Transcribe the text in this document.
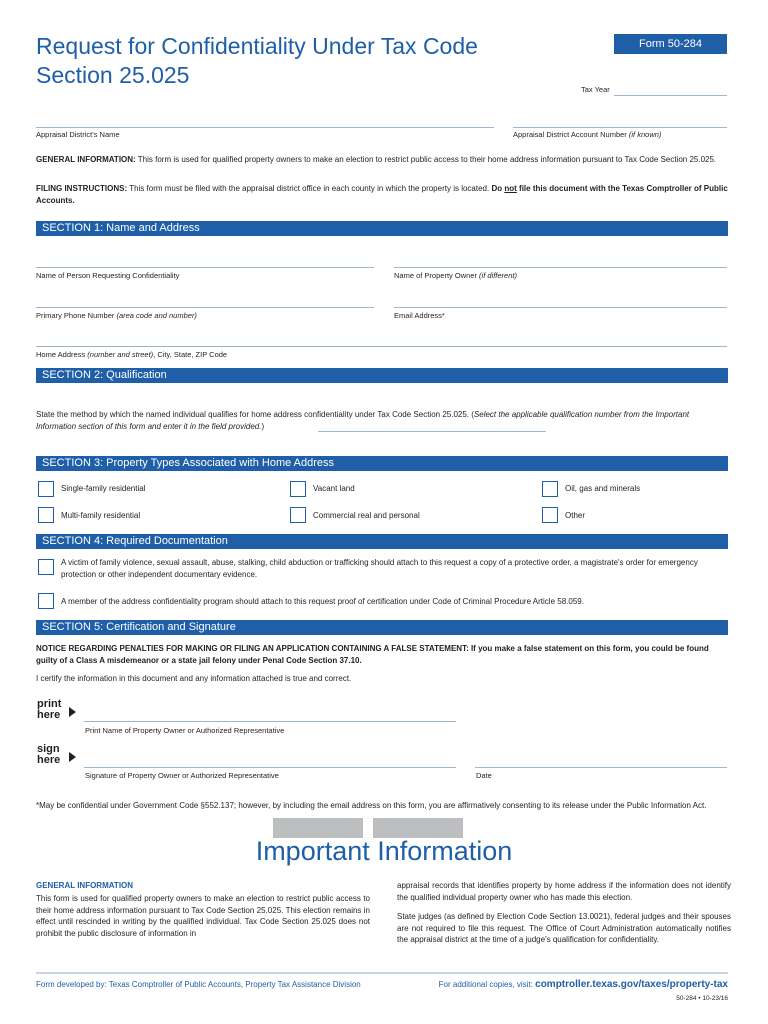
Request for Confidentiality Under Tax Code
Section 25.025
Form 50-284
Tax Year
Appraisal District's Name	Appraisal District Account Number (if known)
GENERAL INFORMATION: This form is used for qualified property owners to make an election to restrict public access to their home address information pursuant to Tax Code Section 25.025.
FILING INSTRUCTIONS: This form must be filed with the appraisal district office in each county in which the property is located. Do not file this document with the Texas Comptroller of Public Accounts.
SECTION 1: Name and Address
Name of Person Requesting Confidentiality	Name of Property Owner (if different)
Primary Phone Number (area code and number)	Email Address*
Home Address (number and street), City, State, ZIP Code
SECTION 2: Qualification
State the method by which the named individual qualifies for home address confidentiality under Tax Code Section 25.025. (Select the applicable qualification number from the Important Information section of this form and enter it in the field provided.)
SECTION 3: Property Types Associated with Home Address
Single-family residential	Vacant land	Oil, gas and minerals
Multi-family residential	Commercial real and personal	Other
SECTION 4: Required Documentation
A victim of family violence, sexual assault, abuse, stalking, child abduction or trafficking should attach to this request a copy of a protective order, a magistrate's order for emergency protection or other independent documentary evidence.
A member of the address confidentiality program should attach to this request proof of certification under Code of Criminal Procedure Article 58.059.
SECTION 5: Certification and Signature
NOTICE REGARDING PENALTIES FOR MAKING OR FILING AN APPLICATION CONTAINING A FALSE STATEMENT: If you make a false statement on this form, you could be found guilty of a Class A misdemeanor or a state jail felony under Penal Code Section 37.10.
I certify the information in this document and any information attached is true and correct.
print
here
Print Name of Property Owner or Authorized Representative
sign
here
Signature of Property Owner or Authorized Representative	Date
*May be confidential under Government Code §552.137; however, by including the email address on this form, you are affirmatively consenting to its release under the Public Information Act.
Important Information
GENERAL INFORMATION
This form is used for qualified property owners to make an election to restrict public access to their home address information pursuant to Tax Code Section 25.025. This election remains in effect until rescinded in writing by the qualified individual. Tax Code Section 25.025 does not prohibit the public disclosure of information in
appraisal records that identifies property by home address if the information does not identify the qualified individual property owner who has made this election.
State judges (as defined by Election Code Section 13.0021), federal judges and their spouses are not required to file this request. The Office of Court Administration automatically notifies the appraisal district at the time of a judge's qualification for confidentiality.
Form developed by: Texas Comptroller of Public Accounts, Property Tax Assistance Division	For additional copies, visit: comptroller.texas.gov/taxes/property-tax
50-284 • 10-23/16
